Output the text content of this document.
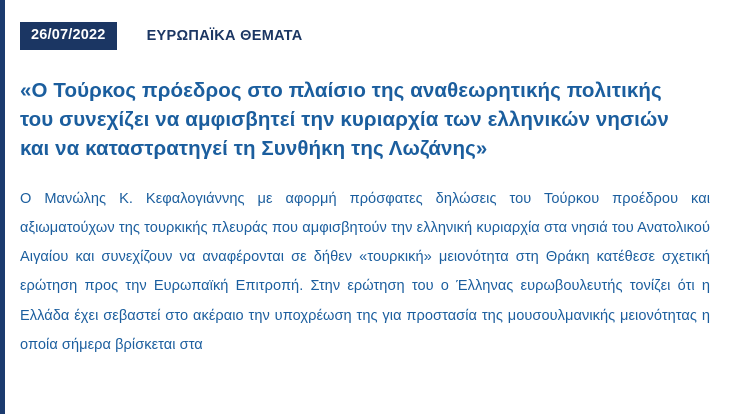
26/07/2022	ΕΥΡΩΠΑΪΚΑ ΘΕΜΑΤΑ
«Ο Τούρκος πρόεδρος στο πλαίσιο της αναθεωρητικής πολιτικής του συνεχίζει να αμφισβητεί την κυριαρχία των ελληνικών νησιών και να καταστρατηγεί τη Συνθήκη της Λωζάνης»

Ο Μανώλης Κ. Κεφαλογιάννης με αφορμή πρόσφατες δηλώσεις του Τούρκου προέδρου και αξιωματούχων της τουρκικής πλευράς που αμφισβητούν την ελληνική κυριαρχία στα νησιά του Ανατολικού Αιγαίου και συνεχίζουν να αναφέρονται σε δήθεν «τουρκική» μειονότητα στη Θράκη κατέθεσε σχετική ερώτηση προς την Ευρωπαϊκή Επιτροπή. Στην ερώτηση του ο Έλληνας ευρωβουλευτής τονίζει ότι η Ελλάδα έχει σεβαστεί στο ακέραιο την υποχρέωση της για προστασία της μουσουλμανικής μειονότητας η οποία σήμερα βρίσκεται στα
